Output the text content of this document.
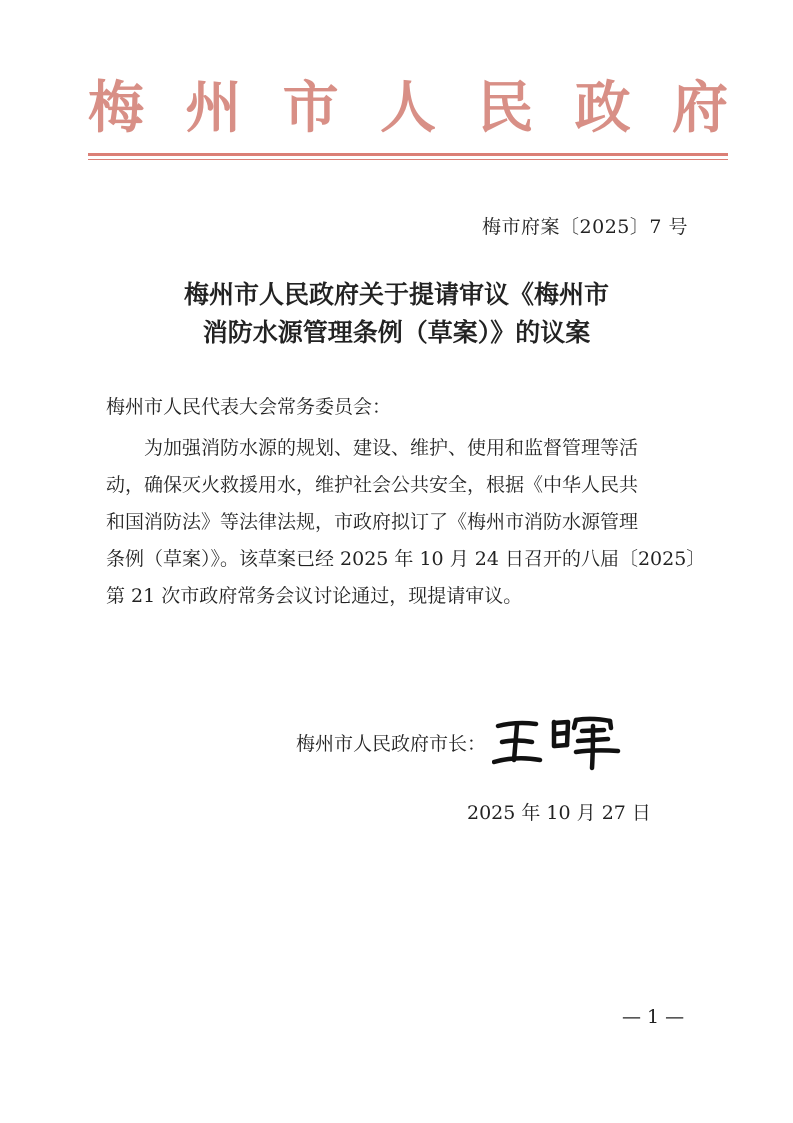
梅 州 市 人 民 政 府
梅市府案〔2025〕7 号
梅州市人民政府关于提请审议《梅州市
消防水源管理条例（草案）》的议案
梅州市人民代表大会常务委员会：
为加强消防水源的规划、建设、维护、使用和监督管理等活
动，确保灭火救援用水，维护社会公共安全，根据《中华人民共
和国消防法》等法律法规，市政府拟订了《梅州市消防水源管理
条例（草案）》。该草案已经 2025 年 10 月 24 日召开的八届〔2025〕
第 21 次市政府常务会议讨论通过，现提请审议。
梅州市人民政府市长：
2025 年 10 月 27 日
— 1 —
